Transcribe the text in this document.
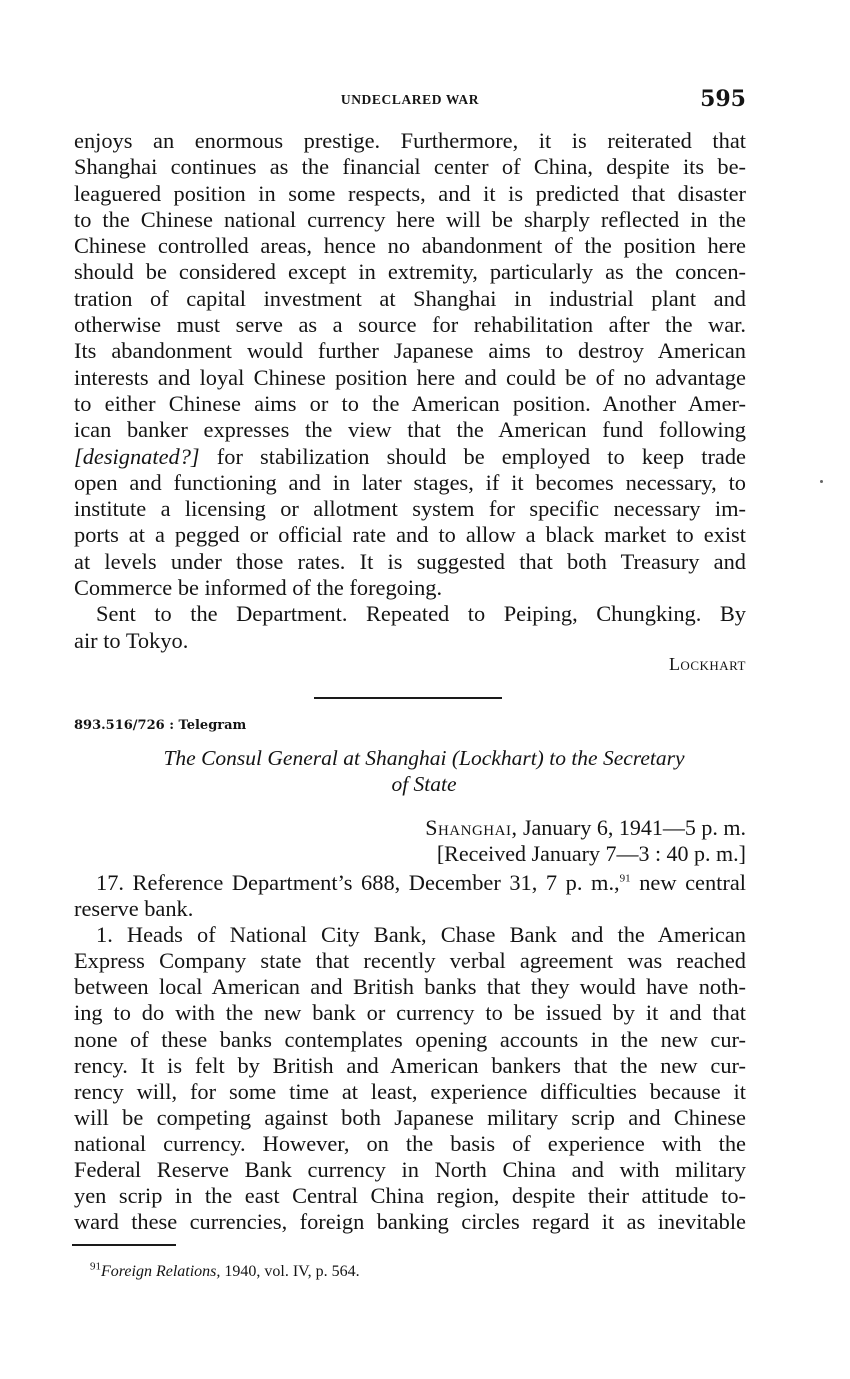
UNDECLARED WAR	595
enjoys an enormous prestige. Furthermore, it is reiterated that
Shanghai continues as the financial center of China, despite its be-
leaguered position in some respects, and it is predicted that disaster
to the Chinese national currency here will be sharply reflected in the
Chinese controlled areas, hence no abandonment of the position here
should be considered except in extremity, particularly as the concen-
tration of capital investment at Shanghai in industrial plant and
otherwise must serve as a source for rehabilitation after the war.
Its abandonment would further Japanese aims to destroy American
interests and loyal Chinese position here and could be of no advantage
to either Chinese aims or to the American position. Another Amer-
ican banker expresses the view that the American fund following
[designated?] for stabilization should be employed to keep trade
open and functioning and in later stages, if it becomes necessary, to
institute a licensing or allotment system for specific necessary im-
ports at a pegged or official rate and to allow a black market to exist
at levels under those rates. It is suggested that both Treasury and
Commerce be informed of the foregoing.
Sent to the Department. Repeated to Peiping, Chungking. By
air to Tokyo.
Lockhart
893.516/726 : Telegram
The Consul General at Shanghai (Lockhart) to the Secretary
of State
Shanghai, January 6, 1941—5 p. m.
[Received January 7—3 : 40 p. m.]
17. Reference Department’s 688, December 31, 7 p. m.,$^{91}$ new central
reserve bank.
1. Heads of National City Bank, Chase Bank and the American
Express Company state that recently verbal agreement was reached
between local American and British banks that they would have noth-
ing to do with the new bank or currency to be issued by it and that
none of these banks contemplates opening accounts in the new cur-
rency. It is felt by British and American bankers that the new cur-
rency will, for some time at least, experience difficulties because it
will be competing against both Japanese military scrip and Chinese
national currency. However, on the basis of experience with the
Federal Reserve Bank currency in North China and with military
yen scrip in the east Central China region, despite their attitude to-
ward these currencies, foreign banking circles regard it as inevitable
$^{91}$Foreign Relations, 1940, vol. IV, p. 564.
